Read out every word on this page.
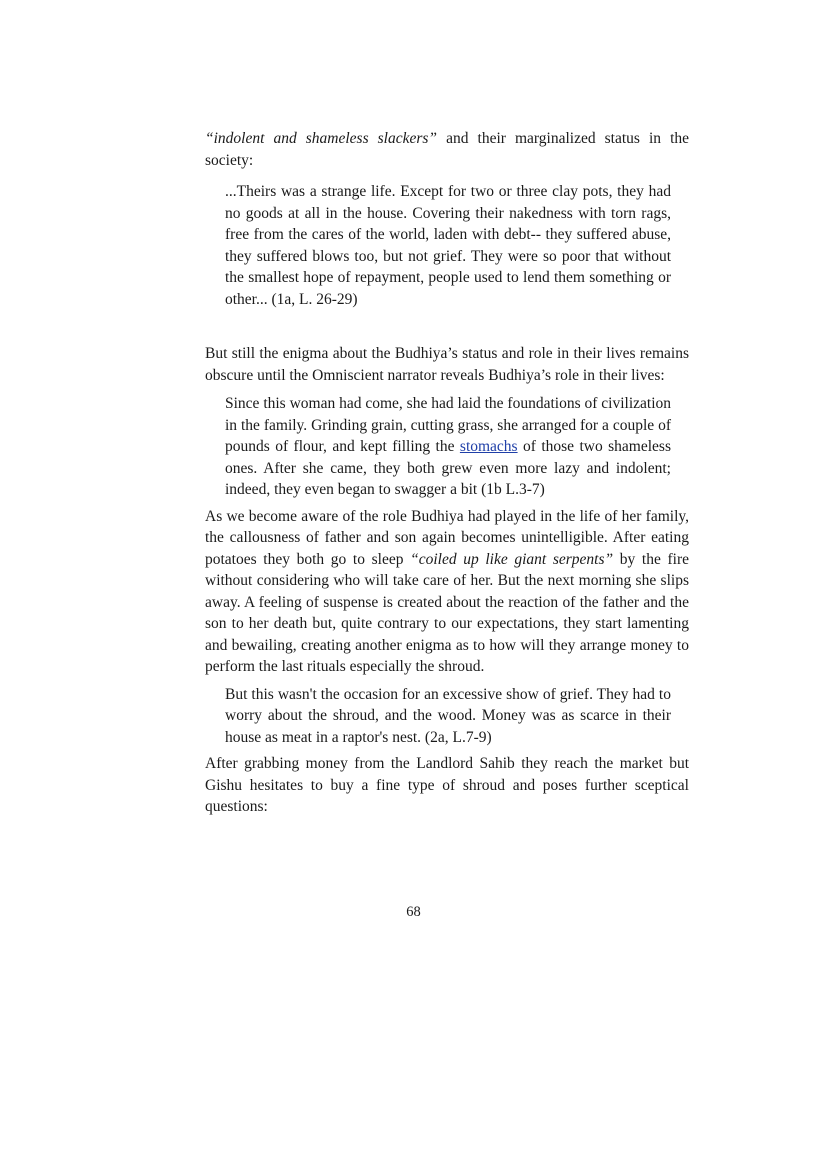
“indolent and shameless slackers” and their marginalized status in the society:

...Theirs was a strange life. Except for two or three clay pots, they had no goods at all in the house. Covering their nakedness with torn rags, free from the cares of the world, laden with debt-- they suffered abuse, they suffered blows too, but not grief. They were so poor that without the smallest hope of repayment, people used to lend them something or other... (1a, L. 26-29)

But still the enigma about the Budhiya’s status and role in their lives remains obscure until the Omniscient narrator reveals Budhiya’s role in their lives:

Since this woman had come, she had laid the foundations of civilization in the family. Grinding grain, cutting grass, she arranged for a couple of pounds of flour, and kept filling the stomachs of those two shameless ones. After she came, they both grew even more lazy and indolent; indeed, they even began to swagger a bit (1b L.3-7)

As we become aware of the role Budhiya had played in the life of her family, the callousness of father and son again becomes unintelligible. After eating potatoes they both go to sleep “coiled up like giant serpents” by the fire without considering who will take care of her. But the next morning she slips away. A feeling of suspense is created about the reaction of the father and the son to her death but, quite contrary to our expectations, they start lamenting and bewailing, creating another enigma as to how will they arrange money to perform the last rituals especially the shroud.

But this wasn't the occasion for an excessive show of grief. They had to worry about the shroud, and the wood. Money was as scarce in their house as meat in a raptor's nest. (2a, L.7-9)

After grabbing money from the Landlord Sahib they reach the market but Gishu hesitates to buy a fine type of shroud and poses further sceptical questions:

68
